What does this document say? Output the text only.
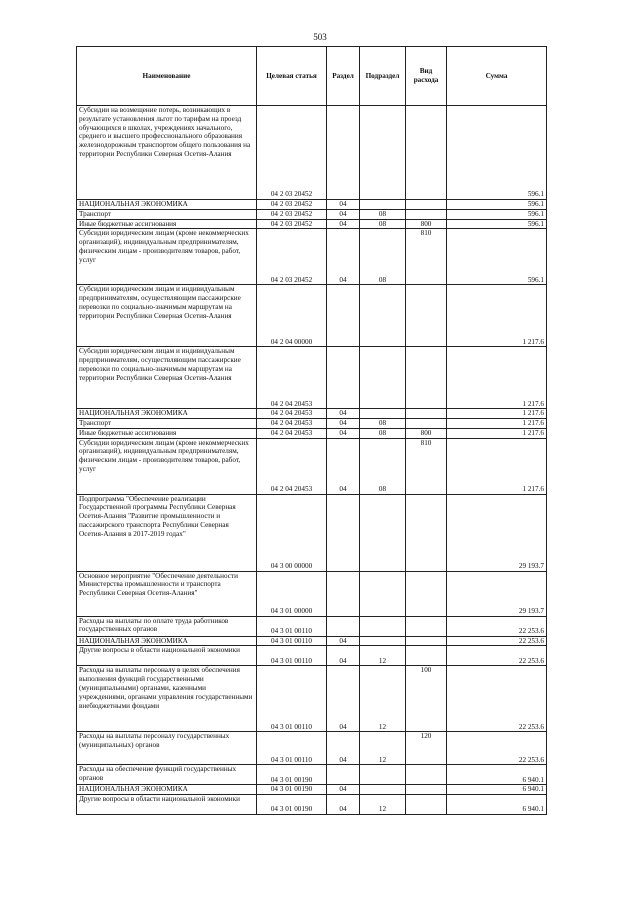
503
Наименование	Целевая статья	Раздел	Подраздел	Вид расхода	Сумма
Субсидии на возмещение потерь, возникающих в результате установления льгот по тарифам на проезд обучающихся в школах, учреждениях начального, среднего и высшего профессионального образования железнодорожным транспортом общего пользования на территории Республики Северная Осетия-Алания	04 2 03 20452				596.1
НАЦИОНАЛЬНАЯ ЭКОНОМИКА	04 2 03 20452	04			596.1
Транспорт	04 2 03 20452	04	08		596.1
Иные бюджетные ассигнования	04 2 03 20452	04	08	800	596.1
Субсидии юридическим лицам (кроме некоммерческих организаций), индивидуальным предпринимателям, физическим лицам - производителям товаров, работ, услуг	04 2 03 20452	04	08	810	596.1
Субсидии юридическим лицам и индивидуальным предпринимателям, осуществляющим пассажирские перевозки по социально-значимым маршрутам на территории Республики Северная Осетия-Алания	04 2 04 00000				1 217.6
Субсидии юридическим лицам и индивидуальным предпринимателям, осуществляющим пассажирские перевозки по социально-значимым маршрутам на территории Республики Северная Осетия-Алания	04 2 04 20453				1 217.6
НАЦИОНАЛЬНАЯ ЭКОНОМИКА	04 2 04 20453	04			1 217.6
Транспорт	04 2 04 20453	04	08		1 217.6
Иные бюджетные ассигнования	04 2 04 20453	04	08	800	1 217.6
Субсидии юридическим лицам (кроме некоммерческих организаций), индивидуальным предпринимателям, физическим лицам - производителям товаров, работ, услуг	04 2 04 20453	04	08	810	1 217.6
Подпрограмма "Обеспечение реализации Государственной программы Республики Северная Осетия-Алания "Развитие промышленности и пассажирского транспорта Республики Северная Осетия-Алания в 2017-2019 годах"	04 3 00 00000				29 193.7
Основное мероприятие "Обеспечение деятельности Министерства промышленности и транспорта Республики Северная Осетия-Алания"	04 3 01 00000				29 193.7
Расходы на выплаты по оплате труда работников государственных органов	04 3 01 00110				22 253.6
НАЦИОНАЛЬНАЯ ЭКОНОМИКА	04 3 01 00110	04			22 253.6
Другие вопросы в области национальной экономики	04 3 01 00110	04	12		22 253.6
Расходы на выплаты персоналу в целях обеспечения выполнения функций государственными (муниципальными) органами, казенными учреждениями, органами управления государственными внебюджетными фондами	04 3 01 00110	04	12	100	22 253.6
Расходы на выплаты персоналу государственных (муниципальных) органов	04 3 01 00110	04	12	120	22 253.6
Расходы на обеспечение функций государственных органов	04 3 01 00190				6 940.1
НАЦИОНАЛЬНАЯ ЭКОНОМИКА	04 3 01 00190	04			6 940.1
Другие вопросы в области национальной экономики	04 3 01 00190	04	12		6 940.1
